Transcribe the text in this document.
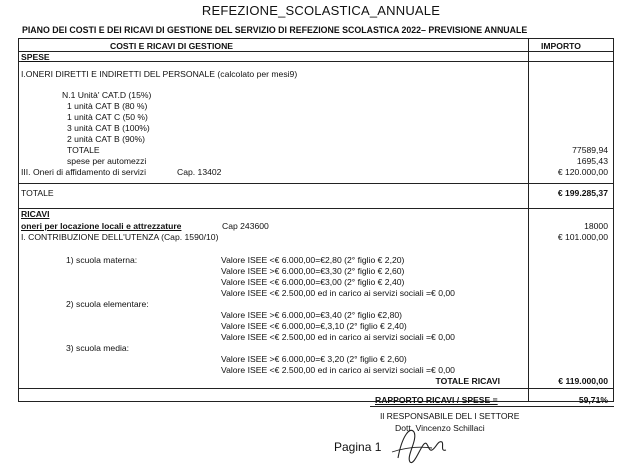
REFEZIONE_SCOLASTICA_ANNUALE
PIANO DEI COSTI E DEI RICAVI DI GESTIONE DEL SERVIZIO DI REFEZIONE SCOLASTICA 2022– PREVISIONE ANNUALE
COSTI E RICAVI DI GESTIONE	IMPORTO
SPESE
I.ONERI DIRETTI E INDIRETTI DEL PERSONALE (calcolato per mesi9)
N.1 Unità' CAT.D (15%)
1 unità CAT B (80 %)
1 unità CAT C (50 %)
3 unità CAT B (100%)
2 unità CAT B (90%)
TOTALE	77589,94
spese per automezzi	1695,43
III. Oneri di affidamento di servizi	Cap. 13402	€ 120.000,00
TOTALE	€ 199.285,37
RICAVI
oneri per locazione locali e attrezzature	Cap 243600	18000
I. CONTRIBUZIONE DELL'UTENZA (Cap. 1590/10)	€ 101.000,00
1) scuola materna:	Valore ISEE <€ 6.000,00=€2,80 (2° figlio € 2,20)
Valore ISEE >€ 6.000,00=€3,30 (2° figlio € 2,60)
Valore ISEE <€ 6.000,00=€3,00 (2° figlio € 2,40)
Valore ISEE <€ 2.500,00 ed in carico ai servizi sociali =€ 0,00
2) scuola elementare:
Valore ISEE >€ 6.000,00=€3,40 (2° figlio €2,80)
Valore ISEE <€ 6.000,00=€,3,10 (2° figlio € 2,40)
Valore ISEE <€ 2.500,00 ed in carico ai servizi sociali =€ 0,00
3) scuola media:
Valore ISEE >€ 6.000,00=€ 3,20 (2° figlio € 2,60)
Valore ISEE <€ 2.500,00 ed in carico ai servizi sociali =€ 0,00
TOTALE RICAVI	€ 119.000,00
RAPPORTO RICAVI / SPESE =	59,71%
Il RESPONSABILE DEL I SETTORE
Dott. Vincenzo Schillaci
Pagina 1
